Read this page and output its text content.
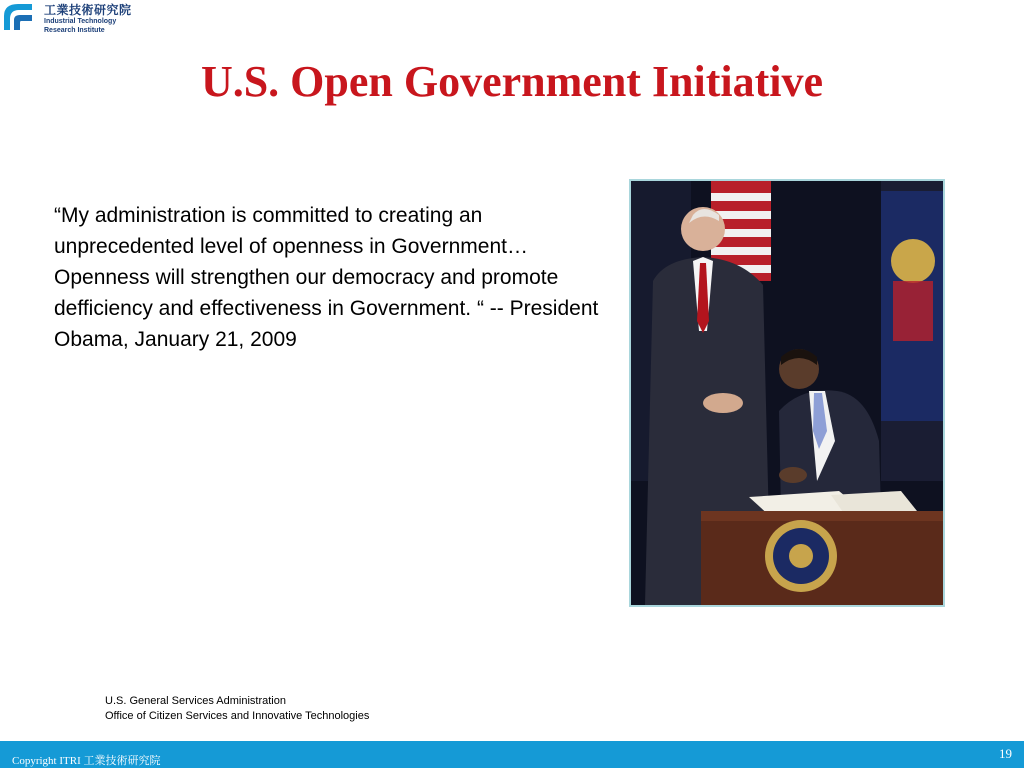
工業技術研究院
Industrial Technology
Research Institute
U.S. Open Government Initiative

“My administration is committed to creating an unprecedented level of openness in Government…Openness will strengthen our democracy and promote defficiency and effectiveness in Government. “ -- President Obama, January 21, 2009

U.S. General Services Administration
Office of Citizen Services and Innovative Technologies
Copyright ITRI 工業技術研究院	19
